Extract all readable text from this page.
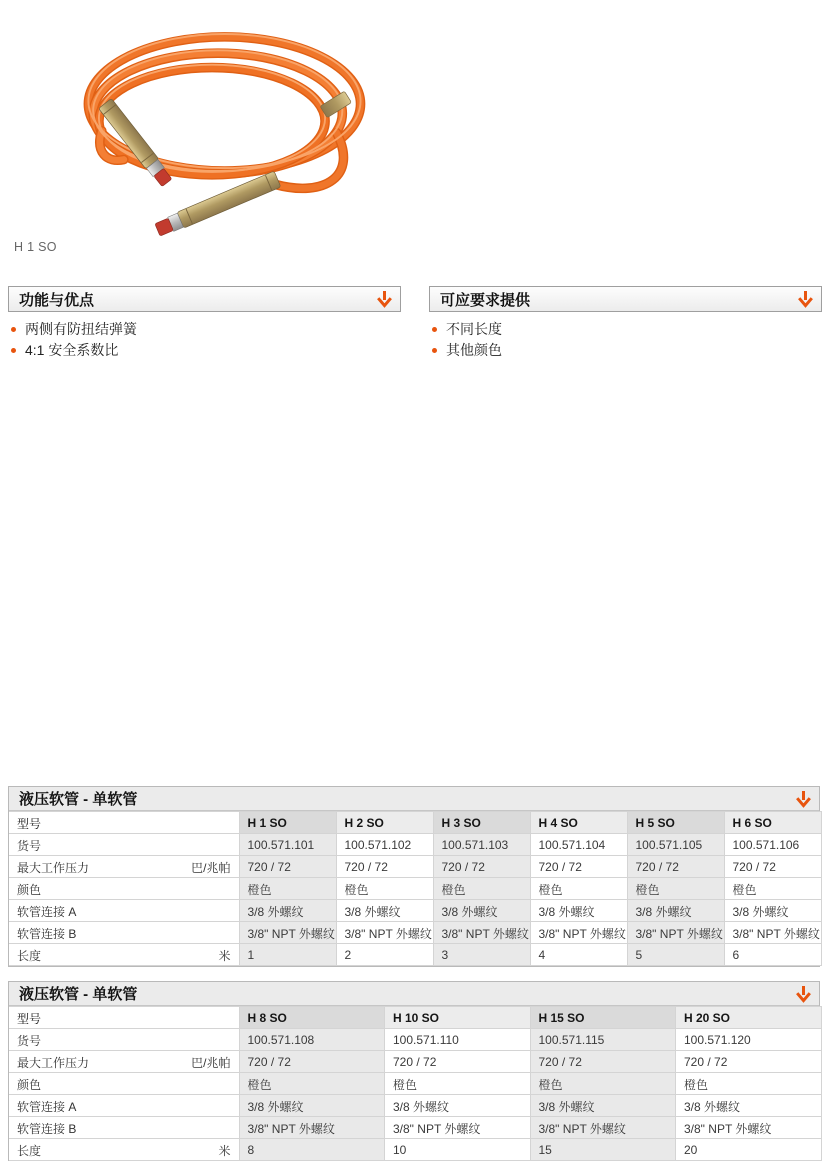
H 1 SO
功能与优点
两侧有防扭结弹簧
4:1 安全系数比
可应要求提供
不同长度
其他颜色
液压软管 - 单软管
型号	H 1 SO	H 2 SO	H 3 SO	H 4 SO	H 5 SO	H 6 SO
货号	100.571.101	100.571.102	100.571.103	100.571.104	100.571.105	100.571.106
最大工作压力 巴/兆帕	720 / 72	720 / 72	720 / 72	720 / 72	720 / 72	720 / 72
颜色	橙色	橙色	橙色	橙色	橙色	橙色
软管连接 A	3/8 外螺纹	3/8 外螺纹	3/8 外螺纹	3/8 外螺纹	3/8 外螺纹	3/8 外螺纹
软管连接 B	3/8" NPT 外螺纹	3/8" NPT 外螺纹	3/8" NPT 外螺纹	3/8" NPT 外螺纹	3/8" NPT 外螺纹	3/8" NPT 外螺纹
长度 米	1	2	3	4	5	6
液压软管 - 单软管
型号	H 8 SO	H 10 SO	H 15 SO	H 20 SO
货号	100.571.108	100.571.110	100.571.115	100.571.120
最大工作压力 巴/兆帕	720 / 72	720 / 72	720 / 72	720 / 72
颜色	橙色	橙色	橙色	橙色
软管连接 A	3/8 外螺纹	3/8 外螺纹	3/8 外螺纹	3/8 外螺纹
软管连接 B	3/8" NPT 外螺纹	3/8" NPT 外螺纹	3/8" NPT 外螺纹	3/8" NPT 外螺纹
长度 米	8	10	15	20
